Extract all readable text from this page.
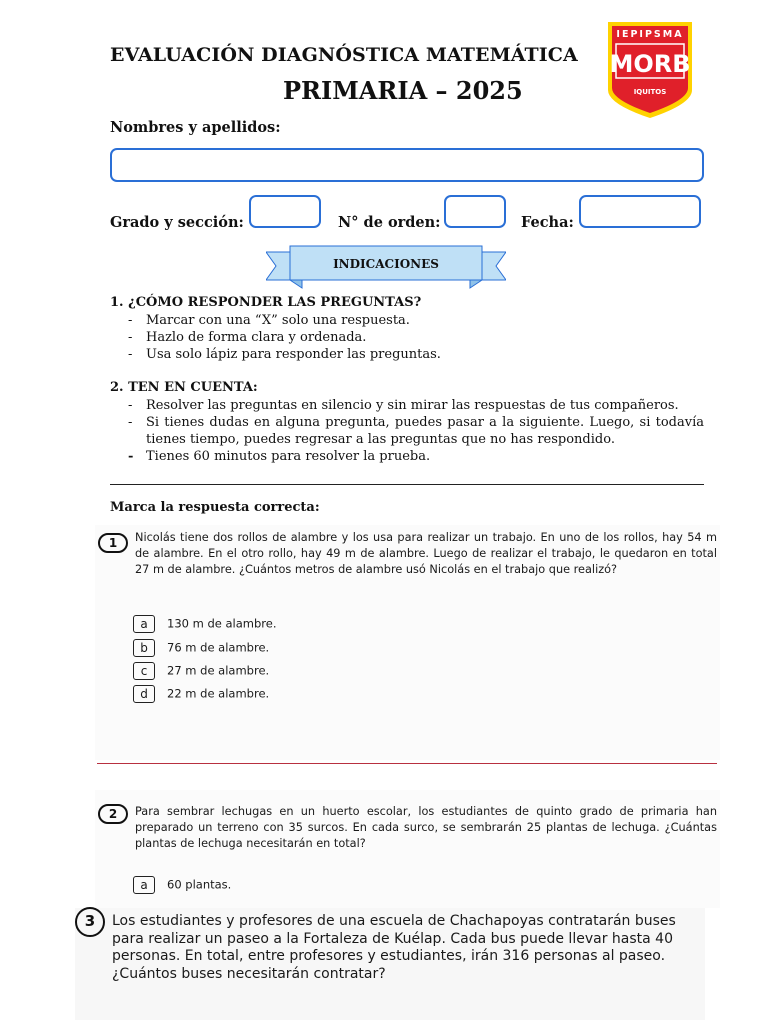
EVALUACIÓN DIAGNÓSTICA MATEMÁTICA
PRIMARIA – 2025
IEPIPSMA
MORB
IQUITOS
Nombres y apellidos:
Grado y sección:	N° de orden:	Fecha:
INDICACIONES
1. ¿CÓMO RESPONDER LAS PREGUNTAS?
- Marcar con una “X” solo una respuesta.
- Hazlo de forma clara y ordenada.
- Usa solo lápiz para responder las preguntas.
2. TEN EN CUENTA:
- Resolver las preguntas en silencio y sin mirar las respuestas de tus compañeros.
- Si tienes dudas en alguna pregunta, puedes pasar a la siguiente. Luego, si todavía tienes tiempo, puedes regresar a las preguntas que no has respondido.
- Tienes 60 minutos para resolver la prueba.
Marca la respuesta correcta:
1	Nicolás tiene dos rollos de alambre y los usa para realizar un trabajo. En uno de los rollos, hay 54 m de alambre. En el otro rollo, hay 49 m de alambre. Luego de realizar el trabajo, le quedaron en total 27 m de alambre. ¿Cuántos metros de alambre usó Nicolás en el trabajo que realizó?
a 130 m de alambre.
b 76 m de alambre.
c 27 m de alambre.
d 22 m de alambre.
2	Para sembrar lechugas en un huerto escolar, los estudiantes de quinto grado de primaria han preparado un terreno con 35 surcos. En cada surco, se sembrarán 25 plantas de lechuga. ¿Cuántas plantas de lechuga necesitarán en total?
a 60 plantas.
3	Los estudiantes y profesores de una escuela de Chachapoyas contratarán buses para realizar un paseo a la Fortaleza de Kuélap. Cada bus puede llevar hasta 40 personas. En total, entre profesores y estudiantes, irán 316 personas al paseo. ¿Cuántos buses necesitarán contratar?
